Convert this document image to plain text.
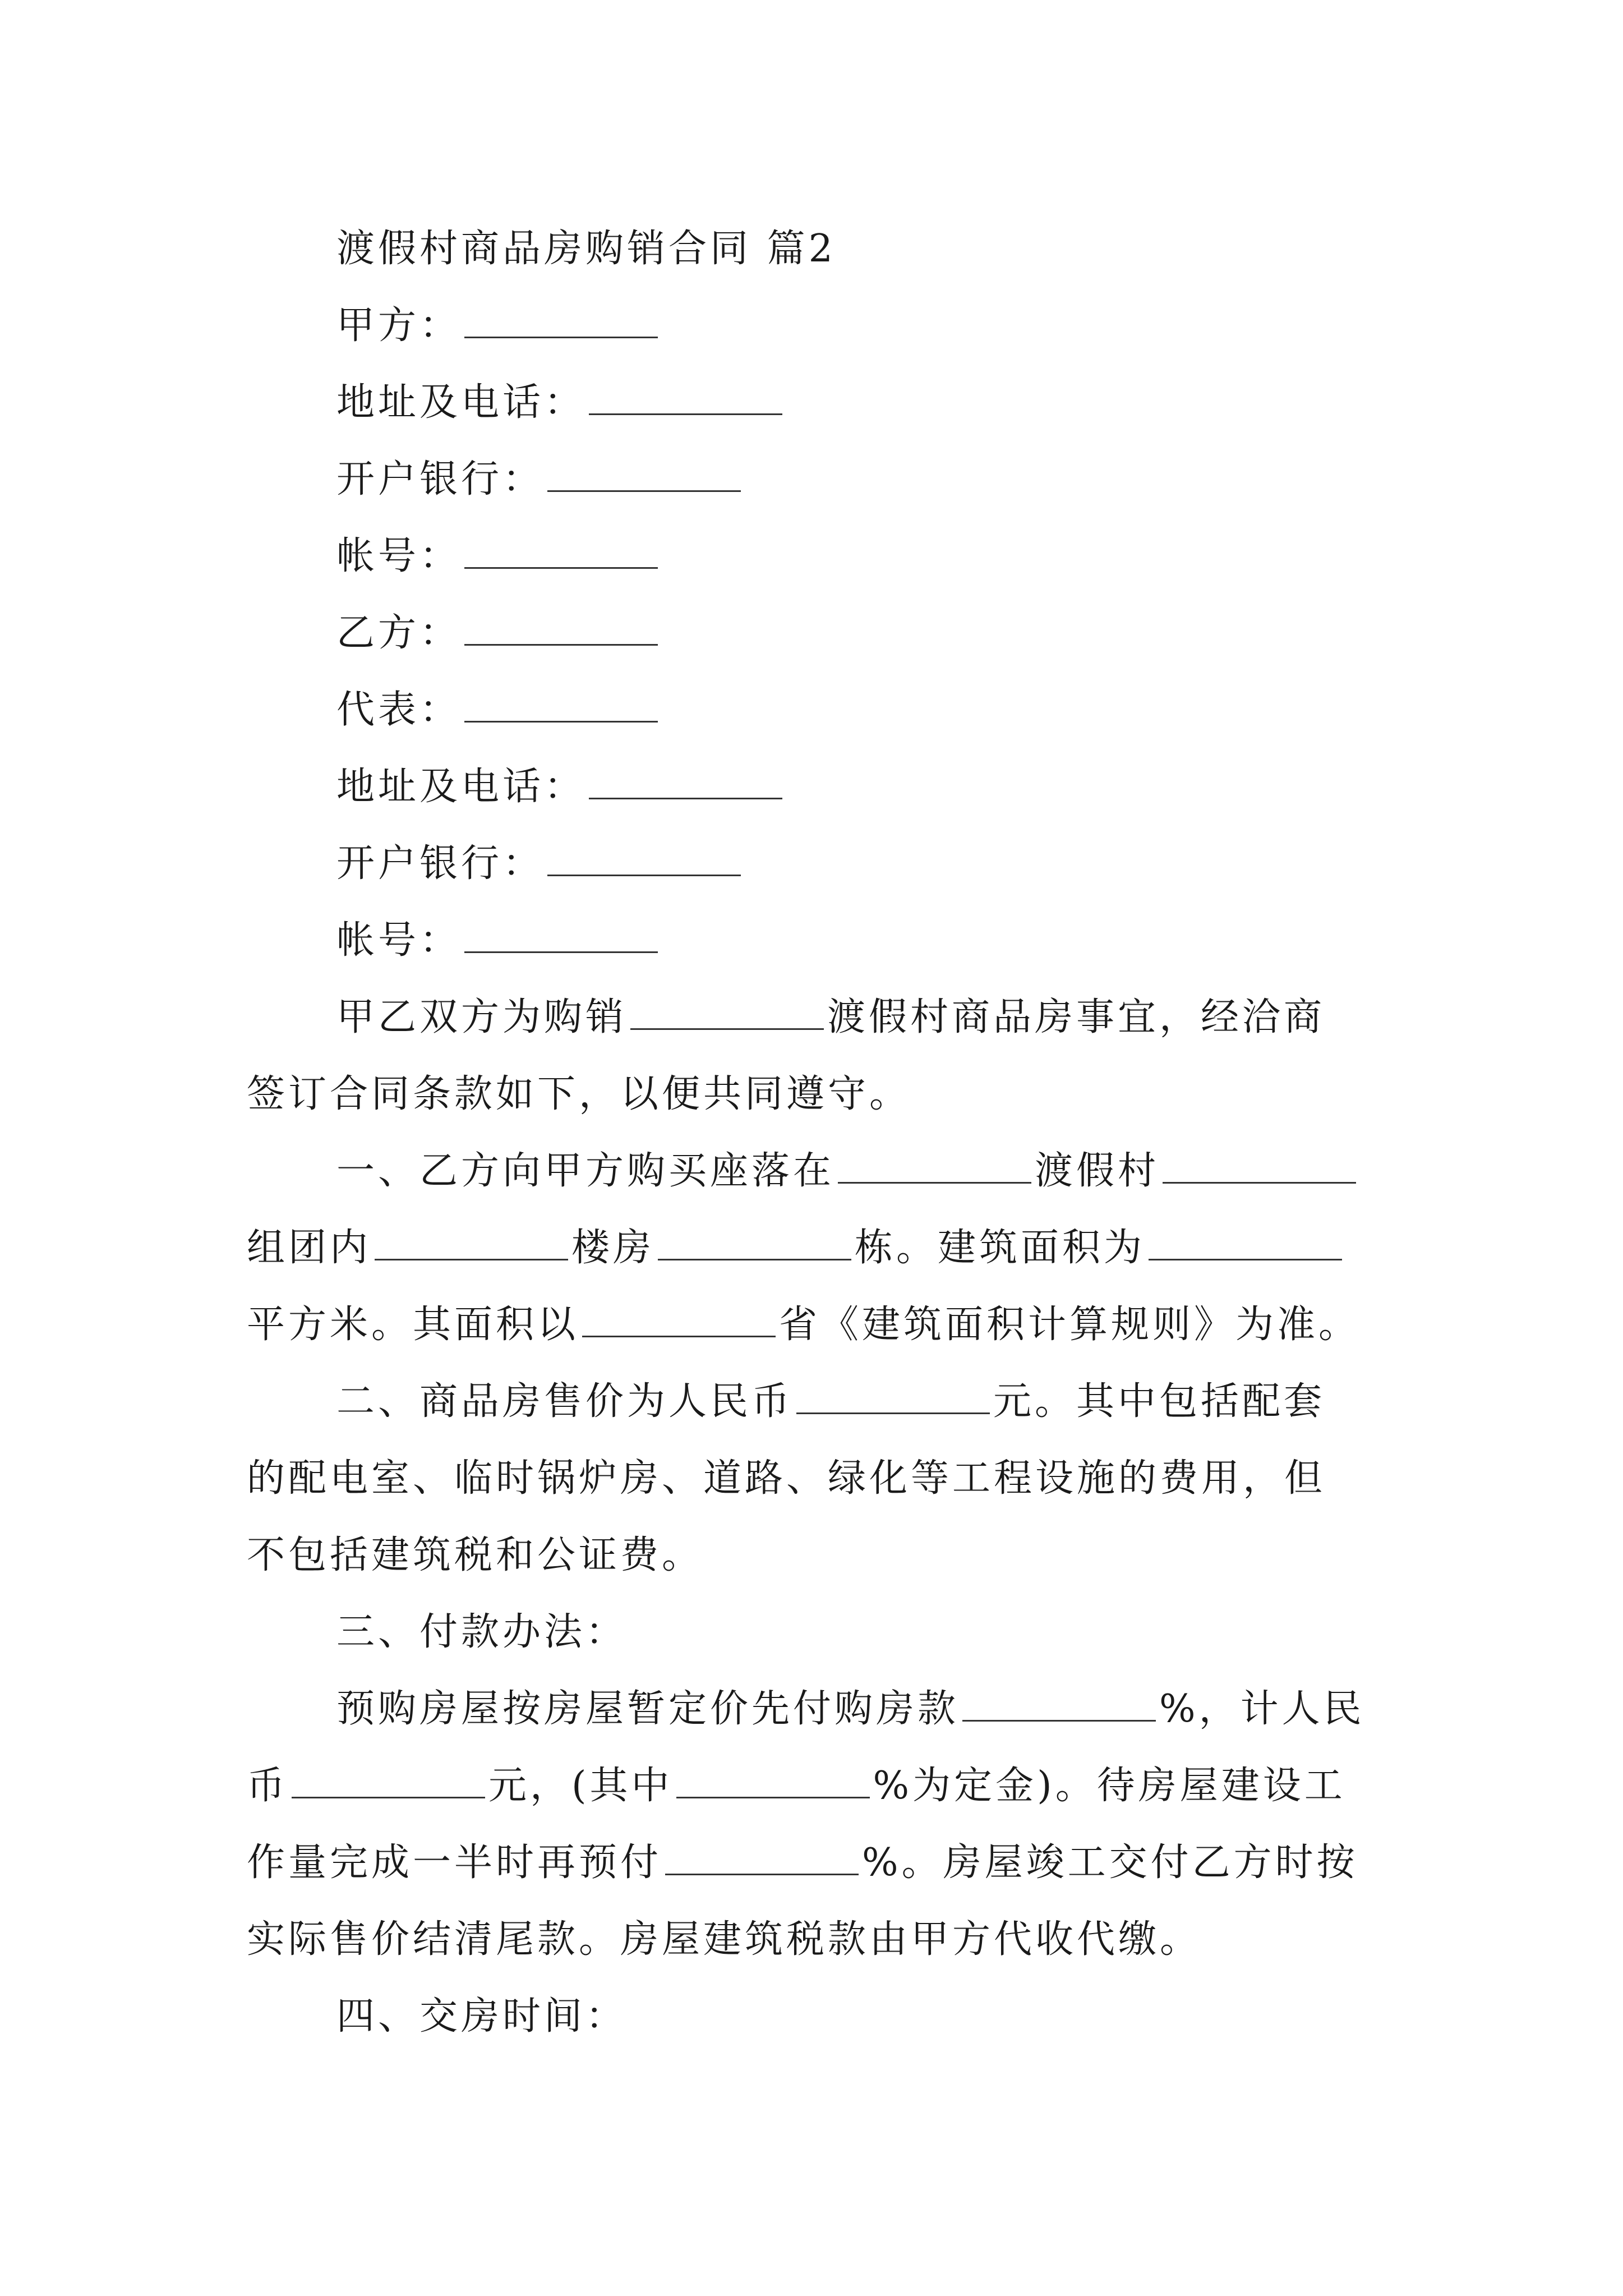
渡假村商品房购销合同 篇2
甲方：
地址及电话：
开户银行：
帐号：
乙方：
代表：
地址及电话：
开户银行：
帐号：
甲乙双方为购销	渡假村商品房事宜，经洽商
签订合同条款如下，以便共同遵守。
一、乙方向甲方购买座落在	渡假村
组团内	楼房	栋。建筑面积为
平方米。其面积以	省《建筑面积计算规则》为准。
二、商品房售价为人民币	元。其中包括配套
的配电室、临时锅炉房、道路、绿化等工程设施的费用，但
不包括建筑税和公证费。
三、付款办法：
预购房屋按房屋暂定价先付购房款	%，计人民
币	元，(其中	%为定金)。待房屋建设工
作量完成一半时再预付	%。房屋竣工交付乙方时按
实际售价结清尾款。房屋建筑税款由甲方代收代缴。
四、交房时间：
